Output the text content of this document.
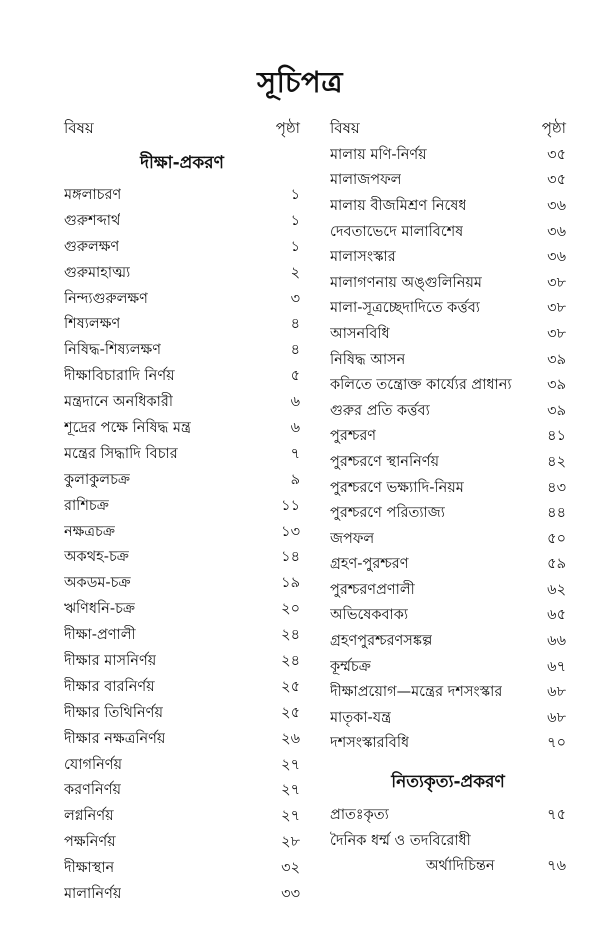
সূচিপত্র
বিষয়	পৃষ্ঠা
দীক্ষা-প্রকরণ
মঙ্গলাচরণ	১
গুরুশব্দার্থ	১
গুরুলক্ষণ	১
গুরুমাহাত্ম্য	২
নিন্দ্যগুরুলক্ষণ	৩
শিষ্যলক্ষণ	৪
নিষিদ্ধ-শিষ্যলক্ষণ	৪
দীক্ষাবিচারাদি নির্ণয়	৫
মন্ত্রদানে অনধিকারী	৬
শূদ্রের পক্ষে নিষিদ্ধ মন্ত্র	৬
মন্ত্রের সিদ্ধাদি বিচার	৭
কুলাকুলচক্র	৯
রাশিচক্র	১১
নক্ষত্রচক্র	১৩
অকথহ-চক্র	১৪
অকডম-চক্র	১৯
ঋণিধনি-চক্র	২০
দীক্ষা-প্রণালী	২৪
দীক্ষার মাসনির্ণয়	২৪
দীক্ষার বারনির্ণয়	২৫
দীক্ষার তিথিনির্ণয়	২৫
দীক্ষার নক্ষত্রনির্ণয়	২৬
যোগনির্ণয়	২৭
করণনির্ণয়	২৭
লগ্ননির্ণয়	২৭
পক্ষনির্ণয়	২৮
দীক্ষাস্থান	৩২
মালানির্ণয়	৩৩
বিষয়	পৃষ্ঠা
মালায় মণি-নির্ণয়	৩৫
মালাজপফল	৩৫
মালায় বীজমিশ্রণ নিষেধ	৩৬
দেবতাভেদে মালাবিশেষ	৩৬
মালাসংস্কার	৩৬
মালাগণনায় অঙ্গুলিনিয়ম	৩৮
মালা-সূত্রচ্ছেদাদিতে কর্ত্তব্য	৩৮
আসনবিধি	৩৮
নিষিদ্ধ আসন	৩৯
কলিতে তন্ত্রোক্ত কার্য্যের প্রাধান্য	৩৯
গুরুর প্রতি কর্ত্তব্য	৩৯
পুরশ্চরণ	৪১
পুরশ্চরণে স্থাননির্ণয়	৪২
পুরশ্চরণে ভক্ষ্যাদি-নিয়ম	৪৩
পুরশ্চরণে পরিত্যাজ্য	৪৪
জপফল	৫০
গ্রহণ-পুরশ্চরণ	৫৯
পুরশ্চরণপ্রণালী	৬২
অভিষেকবাক্য	৬৫
গ্রহণপুরশ্চরণসঙ্কল্প	৬৬
কূর্ম্মচক্র	৬৭
দীক্ষাপ্রয়োগ—মন্ত্রের দশসংস্কার	৬৮
মাতৃকা-যন্ত্র	৬৮
দশসংস্কারবিধি	৭০
নিত্যকৃত্য-প্রকরণ
প্রাতঃকৃত্য	৭৫
দৈনিক ধর্ম্ম ও তদবিরোধী
অর্থাদিচিন্তন	৭৬
